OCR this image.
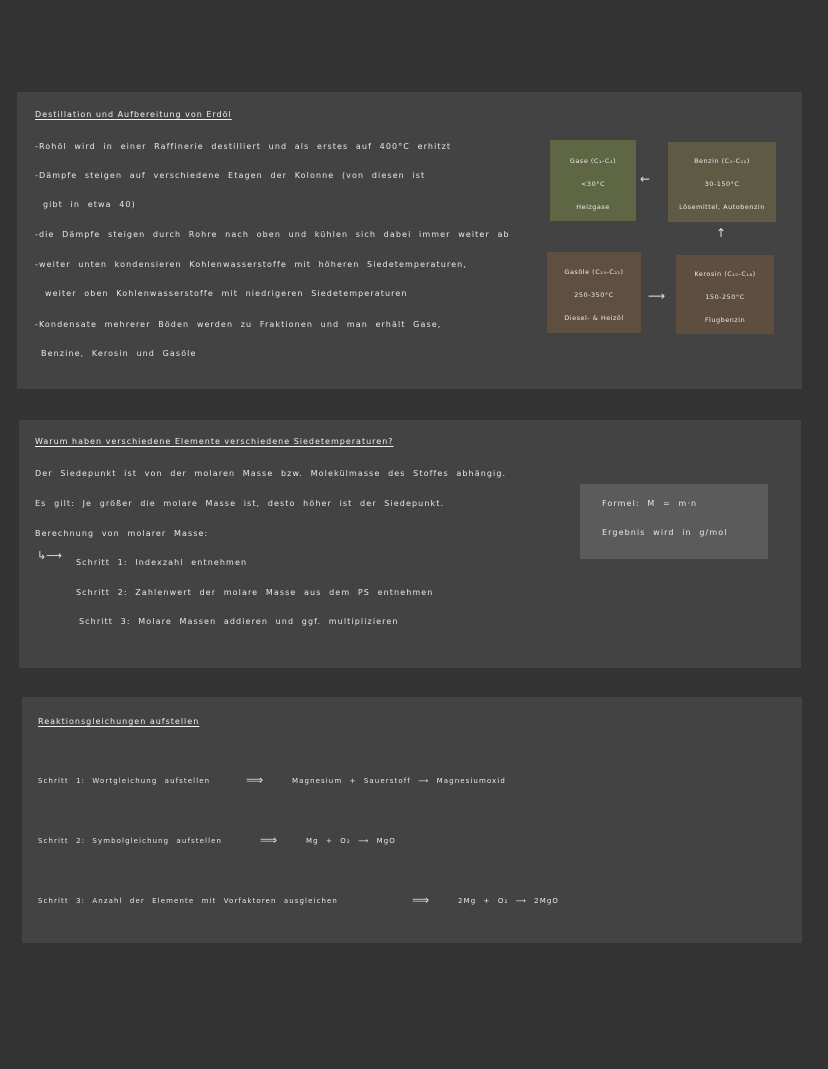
Destillation und Aufbereitung von Erdöl
-Rohöl wird in einer Raffinerie destilliert und als erstes auf 400°C erhitzt
-Dämpfe steigen auf verschiedene Etagen der Kolonne (von diesen ist
gibt in etwa 40)
-die Dämpfe steigen durch Rohre nach oben und kühlen sich dabei immer weiter ab
-weiter unten kondensieren Kohlenwasserstoffe mit höheren Siedetemperaturen,
weiter oben Kohlenwasserstoffe mit niedrigeren Siedetemperaturen
-Kondensate mehrerer Böden werden zu Fraktionen und man erhält Gase,
Benzine, Kerosin und Gasöle
Gase (C₁-C₄)
<30°C
Heizgase
←
Benzin (C₅-C₁₂)
30-150°C
Lösemittel, Autobenzin
↑
Gasöle (C₁₅-C₂₂)
250-350°C
Diesel- & Heizöl
⟶
Kerosin (C₁₀-C₁₆)
150-250°C
Flugbenzin
Warum haben verschiedene Elemente verschiedene Siedetemperaturen?
Der Siedepunkt ist von der molaren Masse bzw. Molekülmasse des Stoffes abhängig.
Es gilt: Je größer die molare Masse ist, desto höher ist der Siedepunkt.
Berechnung von molarer Masse:
↳⟶
Schritt 1: Indexzahl entnehmen
Schritt 2: Zahlenwert der molare Masse aus dem PS entnehmen
Schritt 3: Molare Massen addieren und ggf. multiplizieren
Formel: M = m·n
Ergebnis wird in g/mol
Reaktionsgleichungen aufstellen
Schritt 1: Wortgleichung aufstellen	⟹	Magnesium + Sauerstoff ⟶ Magnesiumoxid
Schritt 2: Symbolgleichung aufstellen	⟹	Mg + O₂ ⟶ MgO
Schritt 3: Anzahl der Elemente mit Vorfaktoren ausgleichen	⟹	2Mg + O₂ ⟶ 2MgO
